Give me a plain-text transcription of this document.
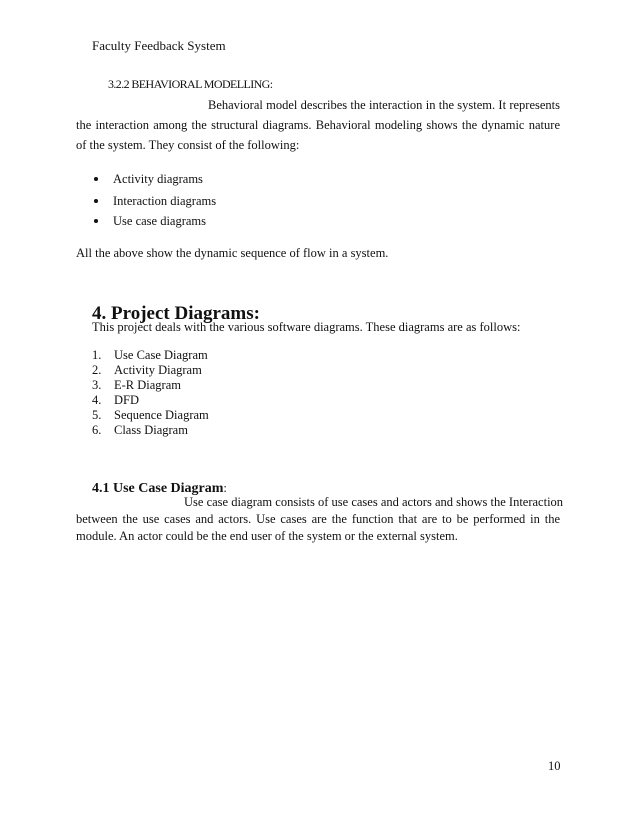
Faculty Feedback System
3.2.2 BEHAVIORAL MODELLING:
Behavioral model describes the interaction in the system. It represents
the interaction among the structural diagrams. Behavioral modeling shows the dynamic nature
of the system. They consist of the following:
Activity diagrams
Interaction diagrams
Use case diagrams
All the above show the dynamic sequence of flow in a system.
4. Project Diagrams:
This project deals with the various software diagrams. These diagrams are as follows:
1. Use Case Diagram
2. Activity Diagram
3. E-R Diagram
4. DFD
5. Sequence Diagram
6. Class Diagram
4.1 Use Case Diagram:
Use case diagram consists of use cases and actors and shows the Interaction
between the use cases and actors. Use cases are the function that are to be performed in the
module. An actor could be the end user of the system or the external system.
10
